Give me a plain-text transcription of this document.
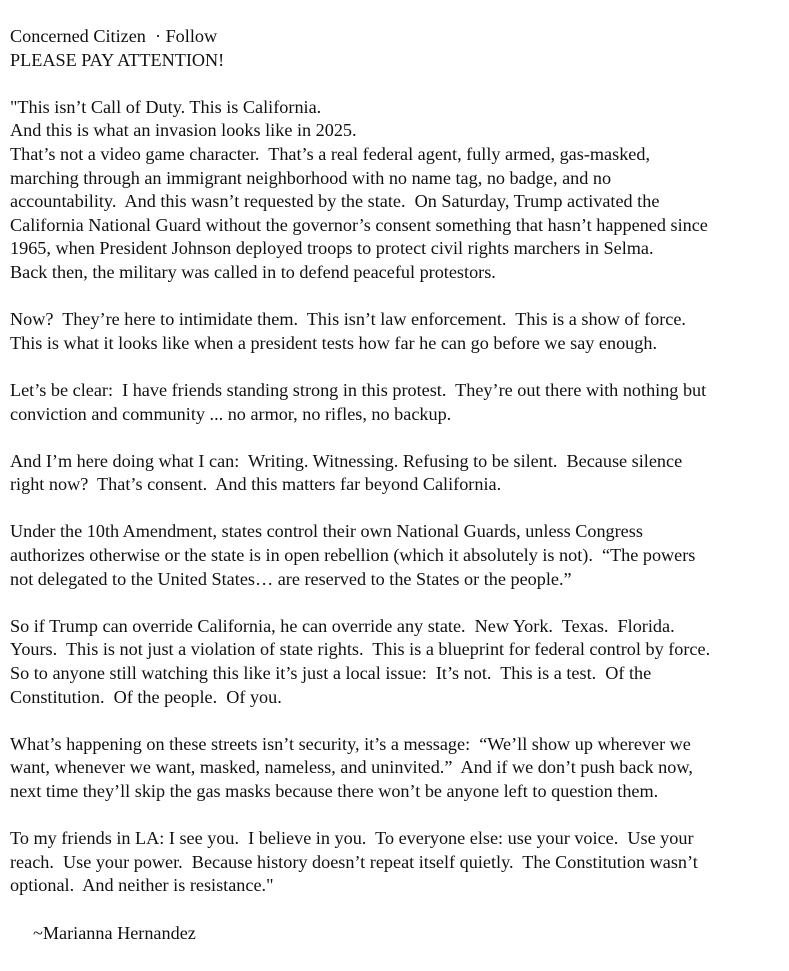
Concerned Citizen  · Follow
PLEASE PAY ATTENTION!
"This isn’t Call of Duty. This is California.
And this is what an invasion looks like in 2025.
That’s not a video game character.  That’s a real federal agent, fully armed, gas-masked,
marching through an immigrant neighborhood with no name tag, no badge, and no
accountability.  And this wasn’t requested by the state.  On Saturday, Trump activated the
California National Guard without the governor’s consent something that hasn’t happened since
1965, when President Johnson deployed troops to protect civil rights marchers in Selma.
Back then, the military was called in to defend peaceful protestors.
Now?  They’re here to intimidate them.  This isn’t law enforcement.  This is a show of force.
This is what it looks like when a president tests how far he can go before we say enough.
Let’s be clear:  I have friends standing strong in this protest.  They’re out there with nothing but
conviction and community ... no armor, no rifles, no backup.
And I’m here doing what I can:  Writing. Witnessing. Refusing to be silent.  Because silence
right now?  That’s consent.  And this matters far beyond California.
Under the 10th Amendment, states control their own National Guards, unless Congress
authorizes otherwise or the state is in open rebellion (which it absolutely is not).  “The powers
not delegated to the United States… are reserved to the States or the people.”
So if Trump can override California, he can override any state.  New York.  Texas.  Florida.
Yours.  This is not just a violation of state rights.  This is a blueprint for federal control by force.
So to anyone still watching this like it’s just a local issue:  It’s not.  This is a test.  Of the
Constitution.  Of the people.  Of you.
What’s happening on these streets isn’t security, it’s a message:  “We’ll show up wherever we
want, whenever we want, masked, nameless, and uninvited.”  And if we don’t push back now,
next time they’ll skip the gas masks because there won’t be anyone left to question them.
To my friends in LA: I see you.  I believe in you.  To everyone else: use your voice.  Use your
reach.  Use your power.  Because history doesn’t repeat itself quietly.  The Constitution wasn’t
optional.  And neither is resistance."
~Marianna Hernandez
